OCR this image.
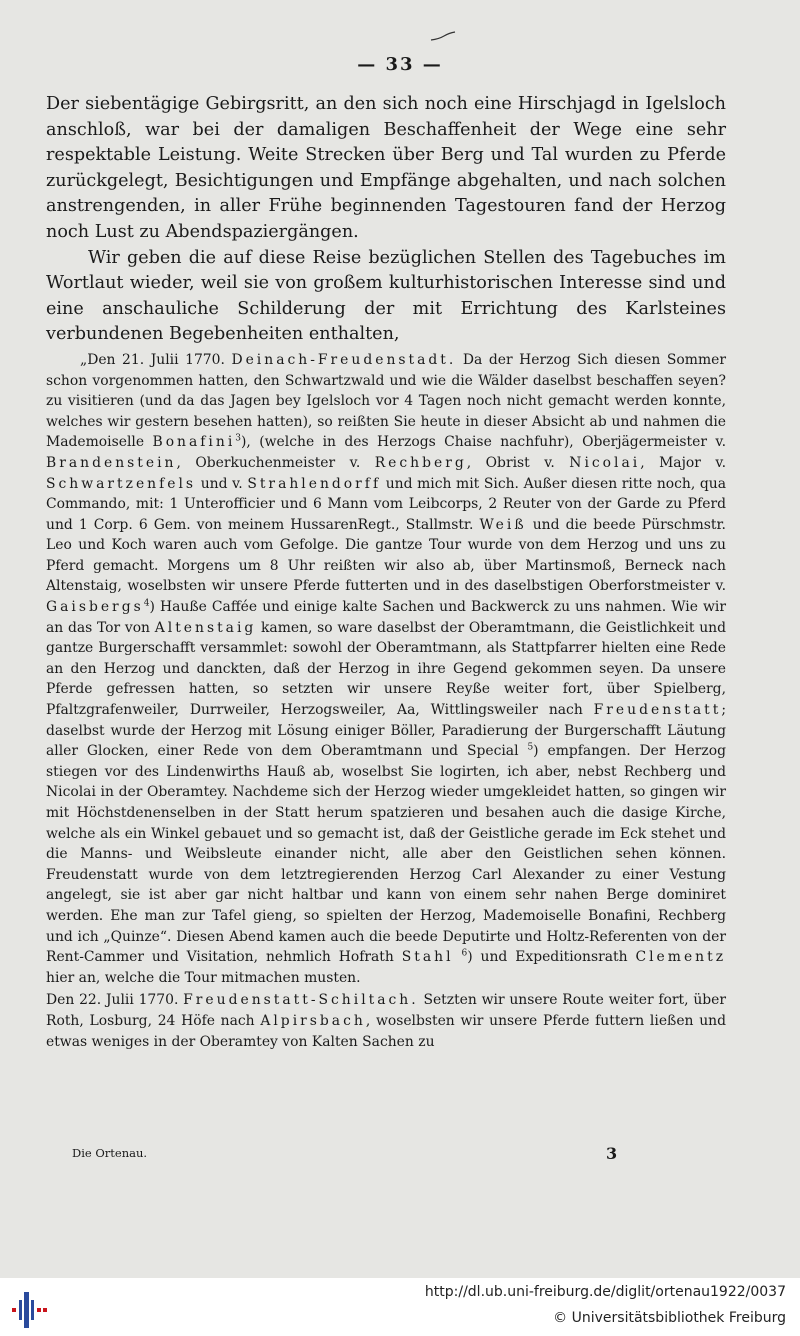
— 33 —

Der siebentägige Gebirgsritt, an den sich noch eine Hirschjagd in Igelsloch anschloß, war bei der damaligen Beschaffenheit der Wege eine sehr respektable Leistung. Weite Strecken über Berg und Tal wurden zu Pferde zurückgelegt, Besichtigungen und Empfänge abgehalten, und nach solchen anstrengenden, in aller Frühe beginnenden Tagestouren fand der Herzog noch Lust zu Abendspaziergängen.

Wir geben die auf diese Reise bezüglichen Stellen des Tagebuches im Wortlaut wieder, weil sie von großem kulturhistorischen Interesse sind und eine anschauliche Schilderung der mit Errichtung des Karlsteines verbundenen Begebenheiten enthalten,

„Den 21. Julii 1770. Deinach-Freudenstadt. Da der Herzog Sich diesen Sommer schon vorgenommen hatten, den Schwartzwald und wie die Wälder daselbst beschaffen seyen? zu visitieren (und da das Jagen bey Igelsloch vor 4 Tagen noch nicht gemacht werden konnte, welches wir gestern besehen hatten), so reißten Sie heute in dieser Absicht ab und nahmen die Mademoiselle Bonafini$^3$), (welche in des Herzogs Chaise nachfuhr), Oberjägermeister v. Brandenstein, Oberkuchenmeister v. Rechberg, Obrist v. Nicolai, Major v. Schwartzenfels und v. Strahlendorff und mich mit Sich. Außer diesen ritte noch, qua Commando, mit: 1 Unterofficier und 6 Mann vom Leibcorps, 2 Reuter von der Garde zu Pferd und 1 Corp. 6 Gem. von meinem HussarenRegt., Stallmstr. Weiß und die beede Pürschmstr. Leo und Koch waren auch vom Gefolge. Die gantze Tour wurde von dem Herzog und uns zu Pferd gemacht. Morgens um 8 Uhr reißten wir also ab, über Martinsmoß, Berneck nach Altenstaig, woselbsten wir unsere Pferde futterten und in des daselbstigen Oberforstmeister v. Gaisbergs$^4$) Hauße Caffée und einige kalte Sachen und Backwerck zu uns nahmen. Wie wir an das Tor von Altenstaig kamen, so ware daselbst der Oberamtmann, die Geistlichkeit und gantze Burgerschafft versammlet: sowohl der Oberamtmann, als Stattpfarrer hielten eine Rede an den Herzog und danckten, daß der Herzog in ihre Gegend gekommen seyen. Da unsere Pferde gefressen hatten, so setzten wir unsere Reyße weiter fort, über Spielberg, Pfaltzgrafenweiler, Durrweiler, Herzogsweiler, Aa, Wittlingsweiler nach Freudenstatt; daselbst wurde der Herzog mit Lösung einiger Böller, Paradierung der Burgerschafft Läutung aller Glocken, einer Rede von dem Oberamtmann und Special $^5$) empfangen. Der Herzog stiegen vor des Lindenwirths Hauß ab, woselbst Sie logirten, ich aber, nebst Rechberg und Nicolai in der Oberamtey. Nachdeme sich der Herzog wieder umgekleidet hatten, so gingen wir mit Höchstdenenselben in der Statt herum spatzieren und besahen auch die dasige Kirche, welche als ein Winkel gebauet und so gemacht ist, daß der Geistliche gerade im Eck stehet und die Manns- und Weibsleute einander nicht, alle aber den Geistlichen sehen können. Freudenstatt wurde von dem letztregierenden Herzog Carl Alexander zu einer Vestung angelegt, sie ist aber gar nicht haltbar und kann von einem sehr nahen Berge dominiret werden. Ehe man zur Tafel gieng, so spielten der Herzog, Mademoiselle Bonafini, Rechberg und ich „Quinze“. Diesen Abend kamen auch die beede Deputirte und Holtz-Referenten von der Rent-Cammer und Visitation, nehmlich Hofrath Stahl $^6$) und Expeditionsrath Clementz hier an, welche die Tour mitmachen musten.

Den 22. Julii 1770. Freudenstatt-Schiltach. Setzten wir unsere Route weiter fort, über Roth, Losburg, 24 Höfe nach Alpirsbach, woselbsten wir unsere Pferde futtern ließen und etwas weniges in der Oberamtey von Kalten Sachen zu

Die Ortenau.	3
http://dl.ub.uni-freiburg.de/diglit/ortenau1922/0037
© Universitätsbibliothek Freiburg
